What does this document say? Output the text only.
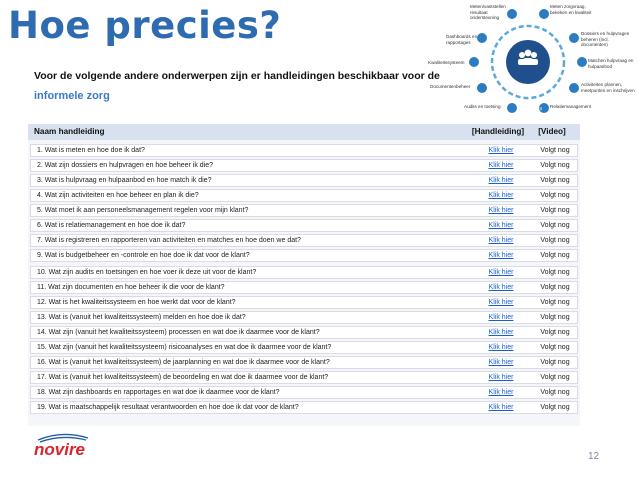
Hoe precies?
Voor de volgende andere onderwerpen zijn er handleidingen beschikbaar voor de
informele zorg
Klant
Meten/vaststellen resultaat ondersteuning
Meten zorgvraag, bekeken en kwaliteit
Dashboards en rapportages
Dossiers en hulpvragen beheren (incl. documenten)
Kwaliteitssysteem	Matchen hulpvraag en hulpaanbod
Documentenbeheer	Activiteiten plannen, meetpunten en inschrijven
Audits en toetsing	Relatiemanagement
Naam handleiding	[Handleiding]	[Video]
1. Wat is meten en hoe doe ik dat?	Klik hier	Volgt nog
2. Wat zijn dossiers en hulpvragen en hoe beheer ik die?	Klik hier	Volgt nog
3. Wat is hulpvraag en hulpaanbod en hoe match ik die?	Klik hier	Volgt nog
4. Wat zijn activiteiten en hoe beheer en plan ik die?	Klik hier	Volgt nog
5. Wat moet ik aan personeelsmanagement regelen voor mijn klant?	Klik hier	Volgt nog
6. Wat is relatiemanagement en hoe doe ik dat?	Klik hier	Volgt nog
7. Wat is registreren en rapporteren van activiteiten en matches en hoe doen we dat?	Klik hier	Volgt nog
9. Wat is budgetbeheer en -controle en hoe doe ik dat voor de klant?	Klik hier	Volgt nog
10. Wat zijn audits en toetsingen en hoe voer ik deze uit voor de klant?	Klik hier	Volgt nog
11. Wat zijn documenten en hoe beheer ik die voor de klant?	Klik hier	Volgt nog
12. Wat is het kwaliteitssysteem en hoe werkt dat voor de klant?	Klik hier	Volgt nog
13. Wat is (vanuit het kwaliteitssysteem) melden en hoe doe ik dat?	Klik hier	Volgt nog
14. Wat zijn (vanuit het kwaliteitssysteem) processen en wat doe ik daarmee voor de klant?	Klik hier	Volgt nog
15. Wat zijn (vanuit het kwaliteitssysteem) risicoanalyses en wat doe ik daarmee voor de klant?	Klik hier	Volgt nog
16. Wat is (vanuit het kwaliteitssysteem) de jaarplanning en wat doe ik daarmee voor de klant?	Klik hier	Volgt nog
17. Wat is (vanuit het kwaliteitssysteem) de beoordeling en wat doe ik daarmee voor de klant?	Klik hier	Volgt nog
18. Wat zijn dashboards en rapportages en wat doe ik daarmee voor de klant?	Klik hier	Volgt nog
19. Wat is maatschappelijk resultaat verantwoorden en hoe doe ik dat voor de klant?	Klik hier	Volgt nog
novire	12
